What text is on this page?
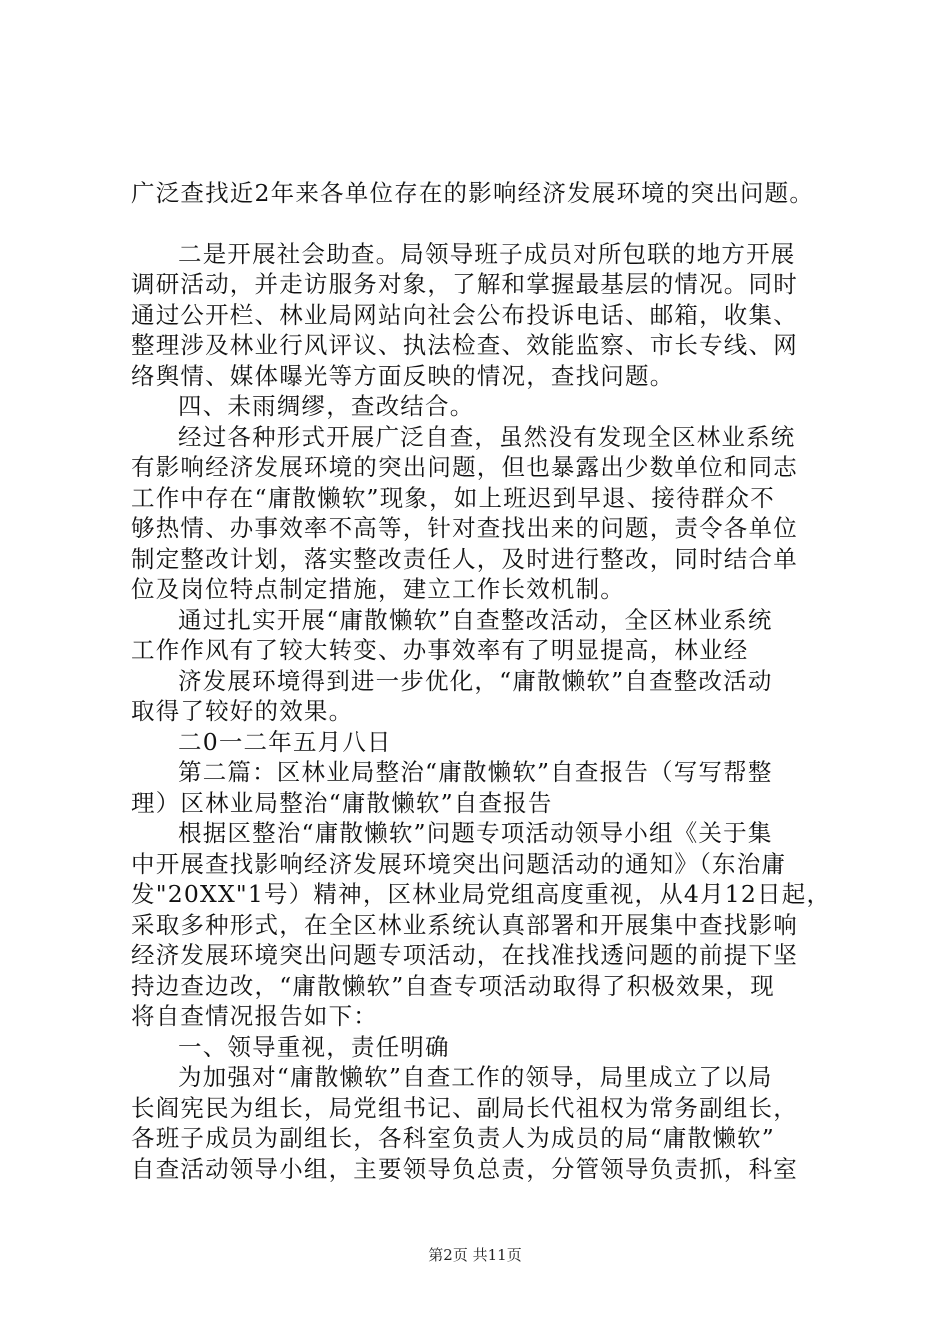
广泛查找近2年来各单位存在的影响经济发展环境的突出问题。
二是开展社会助查。局领导班子成员对所包联的地方开展
调研活动，并走访服务对象，了解和掌握最基层的情况。同时
通过公开栏、林业局网站向社会公布投诉电话、邮箱，收集、
整理涉及林业行风评议、执法检查、效能监察、市长专线、网
络舆情、媒体曝光等方面反映的情况，查找问题。
四、未雨绸缪，查改结合。
经过各种形式开展广泛自查，虽然没有发现全区林业系统
有影响经济发展环境的突出问题，但也暴露出少数单位和同志
工作中存在“庸散懒软”现象，如上班迟到早退、接待群众不
够热情、办事效率不高等，针对查找出来的问题，责令各单位
制定整改计划，落实整改责任人，及时进行整改，同时结合单
位及岗位特点制定措施，建立工作长效机制。
通过扎实开展“庸散懒软”自查整改活动，全区林业系统
工作作风有了较大转变、办事效率有了明显提高，林业经
济发展环境得到进一步优化，“庸散懒软”自查整改活动
取得了较好的效果。
二0一二年五月八日
第二篇：区林业局整治“庸散懒软”自查报告（写写帮整
理）区林业局整治“庸散懒软”自查报告
根据区整治“庸散懒软”问题专项活动领导小组《关于集
中开展查找影响经济发展环境突出问题活动的通知》（东治庸
发"20XX"1号）精神，区林业局党组高度重视，从4月12日起，
采取多种形式，在全区林业系统认真部署和开展集中查找影响
经济发展环境突出问题专项活动，在找准找透问题的前提下坚
持边查边改，“庸散懒软”自查专项活动取得了积极效果，现
将自查情况报告如下：
一、领导重视，责任明确
为加强对“庸散懒软”自查工作的领导，局里成立了以局
长阎宪民为组长，局党组书记、副局长代祖权为常务副组长，
各班子成员为副组长，各科室负责人为成员的局“庸散懒软”
自查活动领导小组，主要领导负总责，分管领导负责抓，科室
第2页 共11页
